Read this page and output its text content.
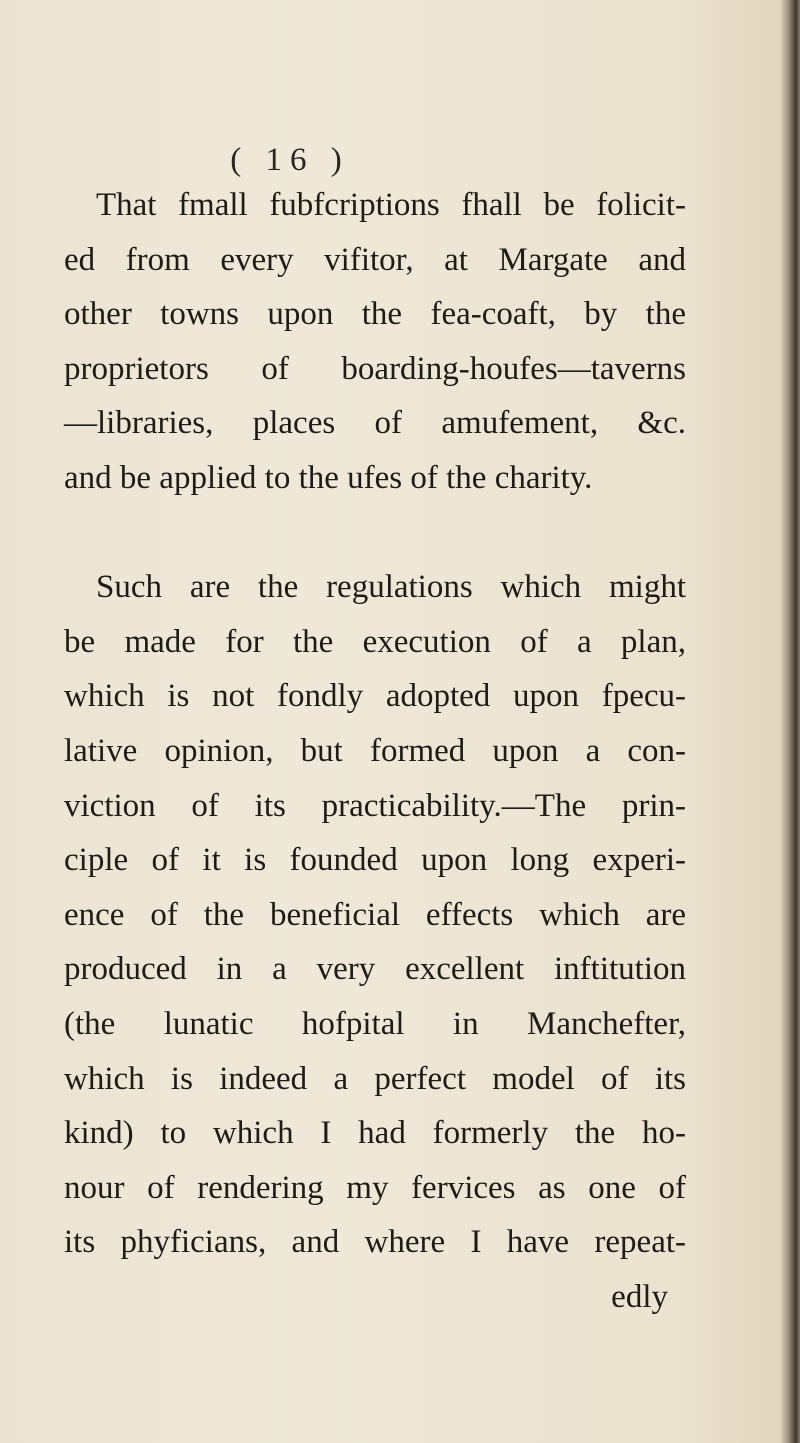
( 16 )
That fmall fubfcriptions fhall be folicit-
ed from every vifitor, at Margate and
other towns upon the fea-coaft, by the
proprietors of boarding-houfes—taverns
—libraries, places of amufement, &c.
and be applied to the ufes of the charity.
Such are the regulations which might
be made for the execution of a plan,
which is not fondly adopted upon fpecu-
lative opinion, but formed upon a con-
viction of its practicability.—The prin-
ciple of it is founded upon long experi-
ence of the beneficial effects which are
produced in a very excellent inftitution
(the lunatic hofpital in Manchefter,
which is indeed a perfect model of its
kind) to which I had formerly the ho-
nour of rendering my fervices as one of
its phyficians, and where I have repeat-
edly
